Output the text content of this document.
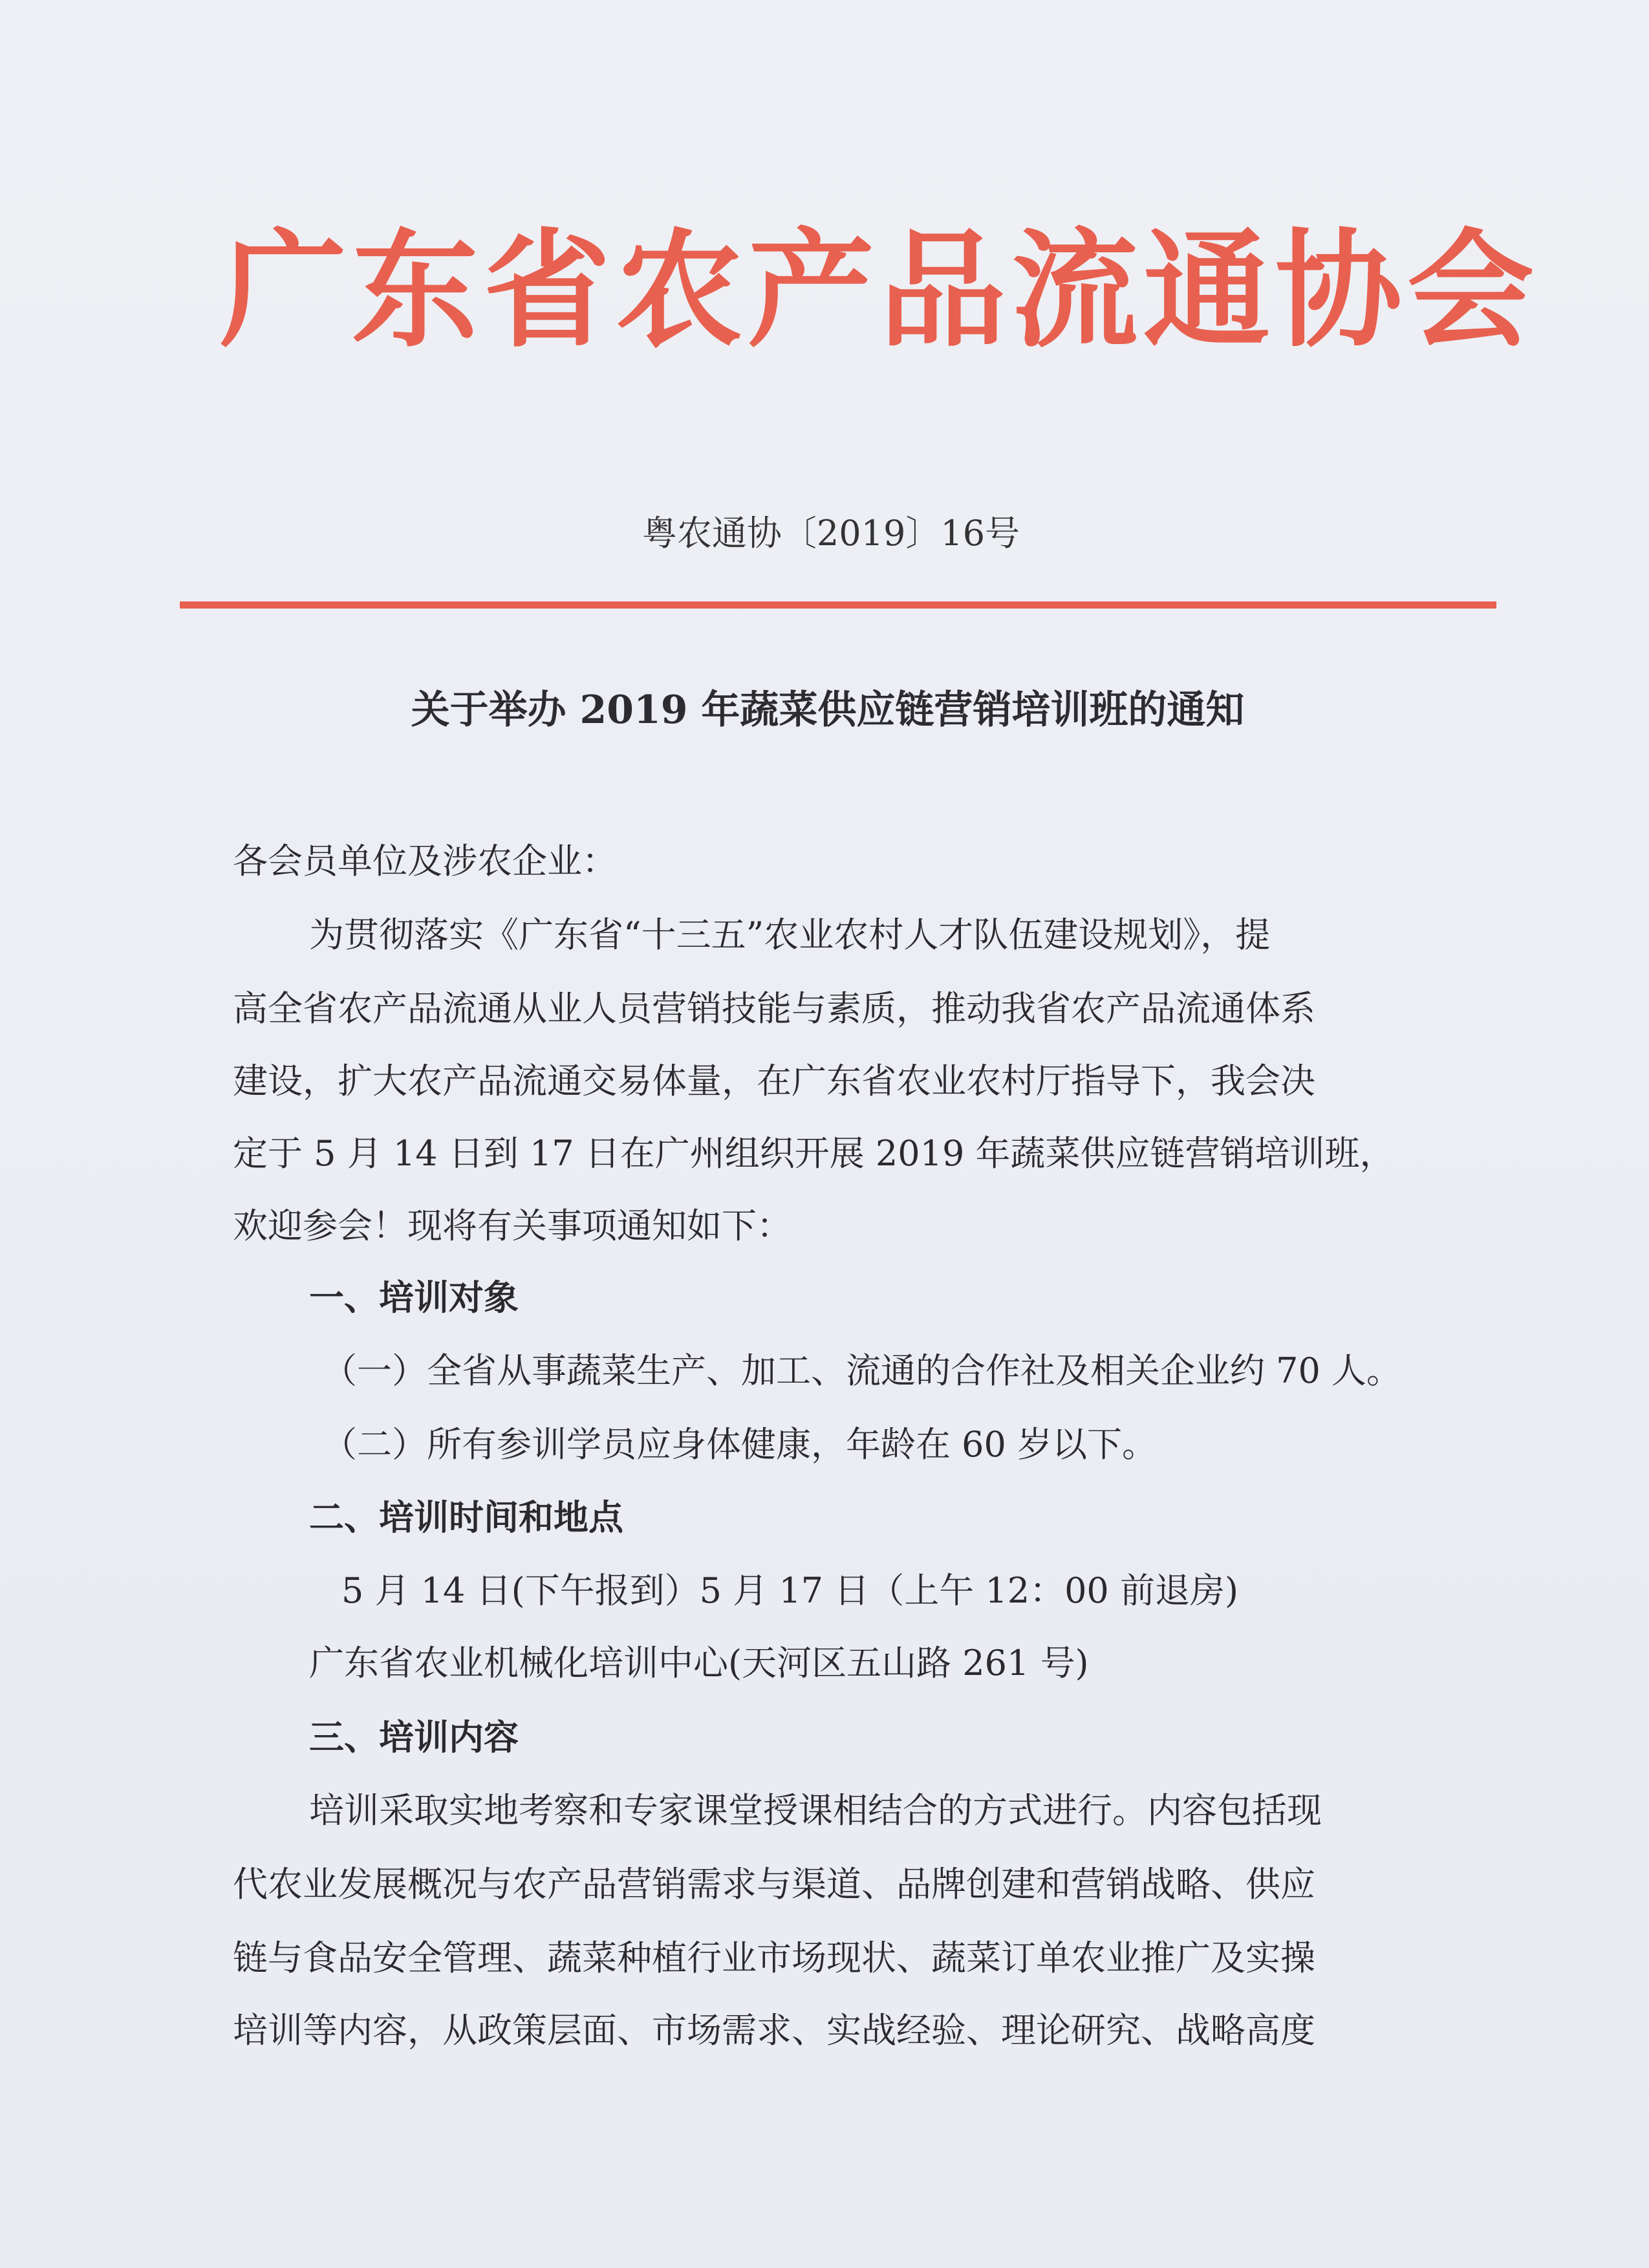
广东省农产品流通协会
粤农通协〔2019〕16号
关于举办 2019 年蔬菜供应链营销培训班的通知
各会员单位及涉农企业：
为贯彻落实《广东省“十三五”农业农村人才队伍建设规划》，提
高全省农产品流通从业人员营销技能与素质，推动我省农产品流通体系
建设，扩大农产品流通交易体量，在广东省农业农村厅指导下，我会决
定于 5 月 14 日到 17 日在广州组织开展 2019 年蔬菜供应链营销培训班，
欢迎参会！现将有关事项通知如下：
一、培训对象
（一）全省从事蔬菜生产、加工、流通的合作社及相关企业约 70 人。
（二）所有参训学员应身体健康，年龄在 60 岁以下。
二、培训时间和地点
5 月 14 日(下午报到）5 月 17 日（上午 12：00 前退房)
广东省农业机械化培训中心(天河区五山路 261 号)
三、培训内容
培训采取实地考察和专家课堂授课相结合的方式进行。内容包括现
代农业发展概况与农产品营销需求与渠道、品牌创建和营销战略、供应
链与食品安全管理、蔬菜种植行业市场现状、蔬菜订单农业推广及实操
培训等内容，从政策层面、市场需求、实战经验、理论研究、战略高度
